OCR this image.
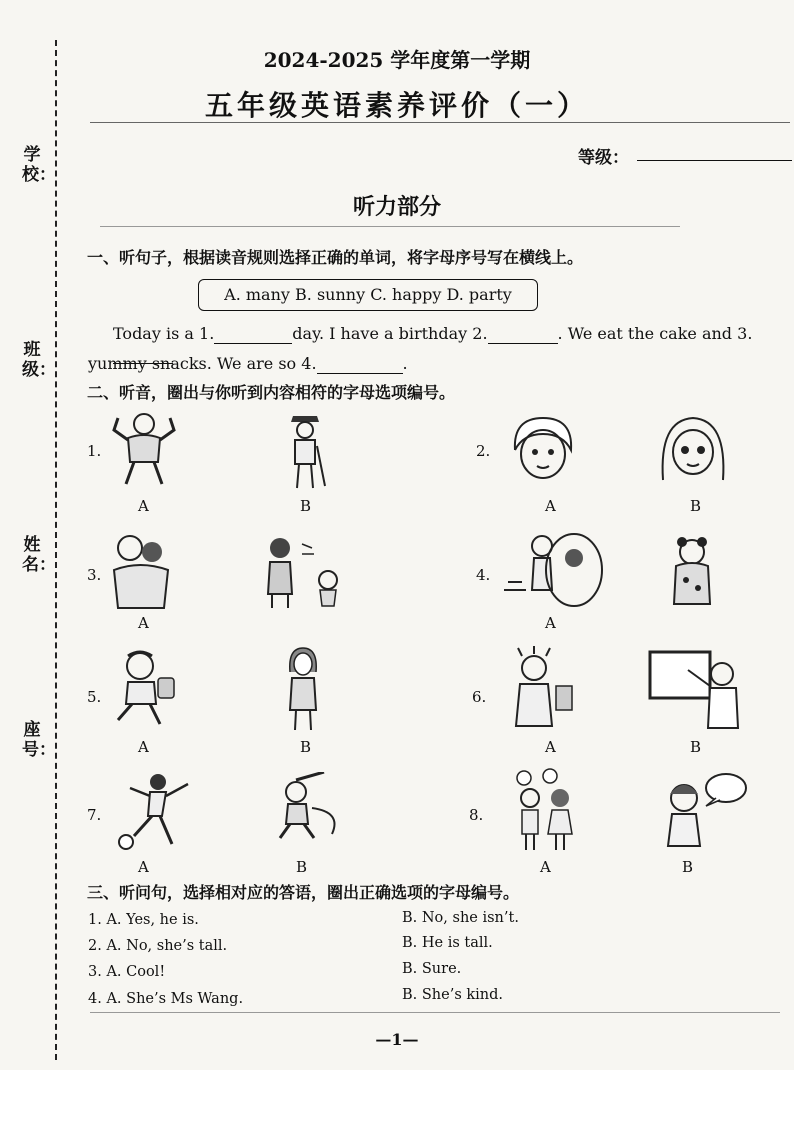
学校：
班级：
姓名：
座号：
2024-2025 学年度第一学期
五年级英语素养评价（一）
等级：
听力部分
一、听句子，根据读音规则选择正确的单词，将字母序号写在横线上。
A. many B. sunny C. happy D. party
Today is a 1.	day. I have a birthday 2.	. We eat the cake and 3.
yummy snacks. We are so 4.	.
二、听音，圈出与你听到内容相符的字母选项编号。
1.
A	B
2.
A	B
3.
A
4.
A
5.
A	B
6.
A	B
7.
A	B
8.
A	B
三、听问句，选择相对应的答语，圈出正确选项的字母编号。
1. A. Yes, he is.	B. No, she isn’t.
2. A. No, she’s tall.	B. He is tall.
3. A. Cool!	B. Sure.
4. A. She’s Ms Wang.	B. She’s kind.
—1—
